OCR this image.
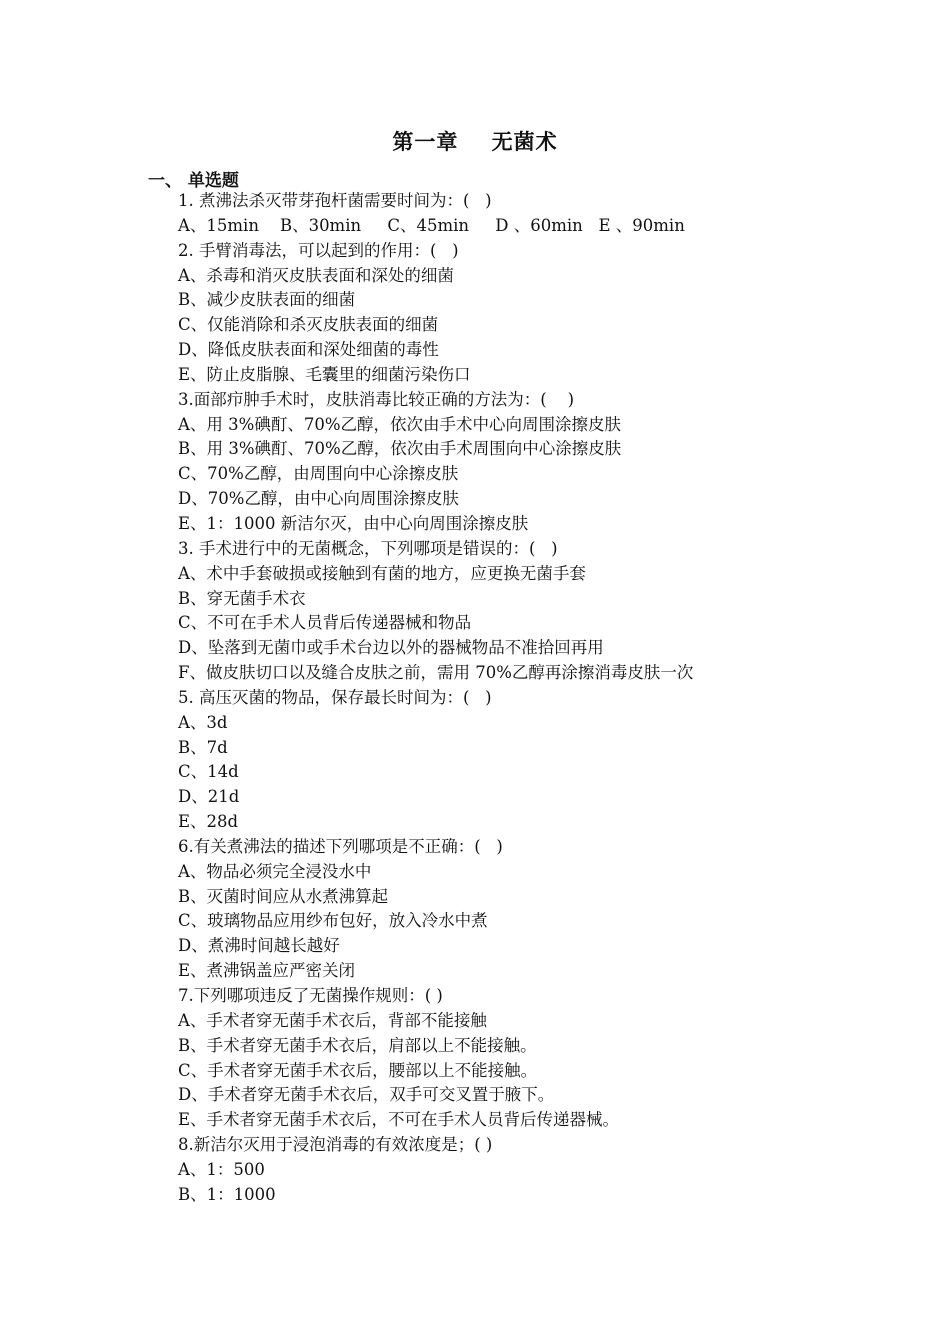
第一章    无菌术
一、 单选题
1. 煮沸法杀灭带芽孢杆菌需要时间为：(   )
A、15min    B、30min     C、45min     D 、60min   E 、90min
2. 手臂消毒法，可以起到的作用：(   )
A、杀毒和消灭皮肤表面和深处的细菌
B、减少皮肤表面的细菌
C、仅能消除和杀灭皮肤表面的细菌
D、降低皮肤表面和深处细菌的毒性
E、防止皮脂腺、毛囊里的细菌污染伤口
3.面部疖肿手术时，皮肤消毒比较正确的方法为：(    )
A、用 3%碘酊、70%乙醇，依次由手术中心向周围涂擦皮肤
B、用 3%碘酊、70%乙醇，依次由手术周围向中心涂擦皮肤
C、70%乙醇，由周围向中心涂擦皮肤
D、70%乙醇，由中心向周围涂擦皮肤
E、1：1000 新洁尔灭，由中心向周围涂擦皮肤
3. 手术进行中的无菌概念，下列哪项是错误的：(   )
A、术中手套破损或接触到有菌的地方，应更换无菌手套
B、穿无菌手术衣
C、不可在手术人员背后传递器械和物品
D、坠落到无菌巾或手术台边以外的器械物品不准拾回再用
F、做皮肤切口以及缝合皮肤之前，需用 70%乙醇再涂擦消毒皮肤一次
5. 高压灭菌的物品，保存最长时间为：(   )
A、3d
B、7d
C、14d
D、21d
E、28d
6.有关煮沸法的描述下列哪项是不正确：(   )
A、物品必须完全浸没水中
B、灭菌时间应从水煮沸算起
C、玻璃物品应用纱布包好，放入冷水中煮
D、煮沸时间越长越好
E、煮沸锅盖应严密关闭
7.下列哪项违反了无菌操作规则：( )
A、手术者穿无菌手术衣后，背部不能接触
B、手术者穿无菌手术衣后，肩部以上不能接触。
C、手术者穿无菌手术衣后，腰部以上不能接触。
D、手术者穿无菌手术衣后，双手可交叉置于腋下。
E、手术者穿无菌手术衣后，不可在手术人员背后传递器械。
8.新洁尔灭用于浸泡消毒的有效浓度是；( )
A、1：500
B、1：1000
